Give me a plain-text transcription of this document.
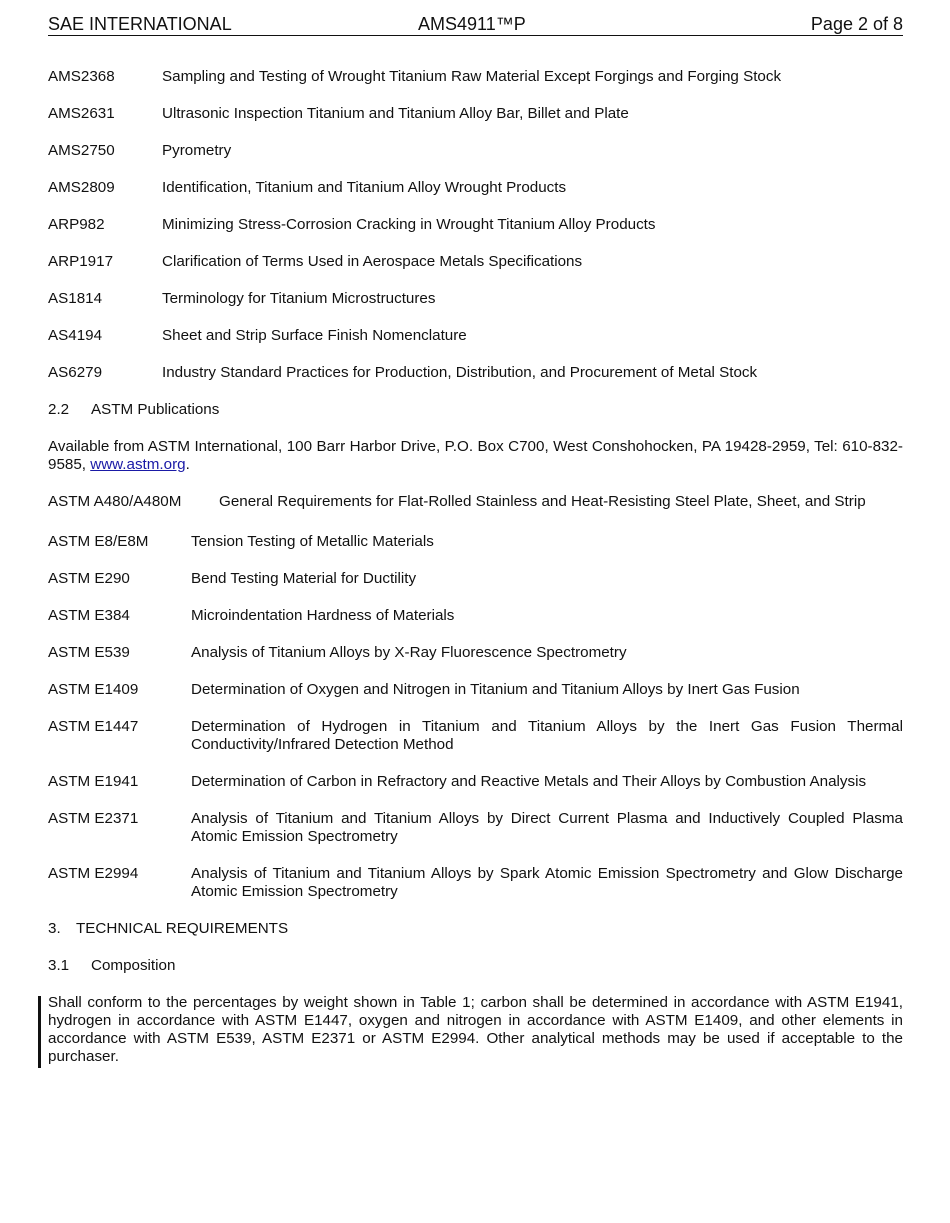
SAE INTERNATIONAL	AMS4911™P	Page 2 of 8
AMS2368	Sampling and Testing of Wrought Titanium Raw Material Except Forgings and Forging Stock
AMS2631	Ultrasonic Inspection Titanium and Titanium Alloy Bar, Billet and Plate
AMS2750	Pyrometry
AMS2809	Identification, Titanium and Titanium Alloy Wrought Products
ARP982	Minimizing Stress-Corrosion Cracking in Wrought Titanium Alloy Products
ARP1917	Clarification of Terms Used in Aerospace Metals Specifications
AS1814	Terminology for Titanium Microstructures
AS4194	Sheet and Strip Surface Finish Nomenclature
AS6279	Industry Standard Practices for Production, Distribution, and Procurement of Metal Stock
2.2 ASTM Publications
Available from ASTM International, 100 Barr Harbor Drive, P.O. Box C700, West Conshohocken, PA 19428-2959, Tel: 610-832-9585, www.astm.org.
ASTM A480/A480M General Requirements for Flat-Rolled Stainless and Heat-Resisting Steel Plate, Sheet, and Strip
ASTM E8/E8M	Tension Testing of Metallic Materials
ASTM E290	Bend Testing Material for Ductility
ASTM E384	Microindentation Hardness of Materials
ASTM E539	Analysis of Titanium Alloys by X-Ray Fluorescence Spectrometry
ASTM E1409	Determination of Oxygen and Nitrogen in Titanium and Titanium Alloys by Inert Gas Fusion
ASTM E1447	Determination of Hydrogen in Titanium and Titanium Alloys by the Inert Gas Fusion Thermal Conductivity/Infrared Detection Method
ASTM E1941	Determination of Carbon in Refractory and Reactive Metals and Their Alloys by Combustion Analysis
ASTM E2371	Analysis of Titanium and Titanium Alloys by Direct Current Plasma and Inductively Coupled Plasma Atomic Emission Spectrometry
ASTM E2994	Analysis of Titanium and Titanium Alloys by Spark Atomic Emission Spectrometry and Glow Discharge Atomic Emission Spectrometry
3. TECHNICAL REQUIREMENTS
3.1 Composition
Shall conform to the percentages by weight shown in Table 1; carbon shall be determined in accordance with ASTM E1941, hydrogen in accordance with ASTM E1447, oxygen and nitrogen in accordance with ASTM E1409, and other elements in accordance with ASTM E539, ASTM E2371 or ASTM E2994. Other analytical methods may be used if acceptable to the purchaser.
